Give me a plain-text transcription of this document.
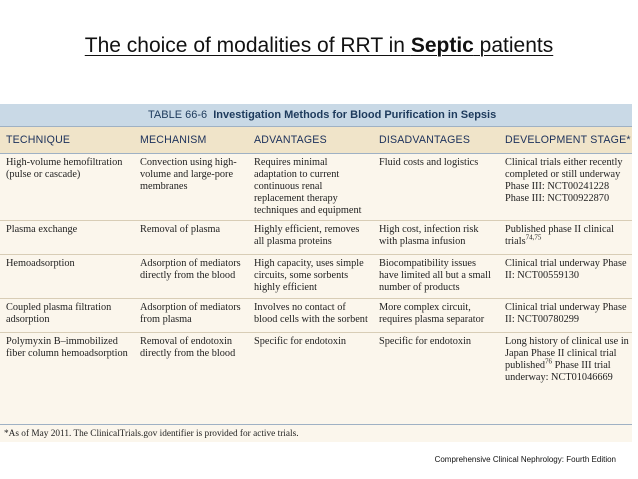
The choice of modalities of RRT in Septic patients
TABLE 66-6 Investigation Methods for Blood Purification in Sepsis
TECHNIQUE	MECHANISM	ADVANTAGES	DISADVANTAGES	DEVELOPMENT STAGE*
High-volume hemofiltration (pulse or cascade)	Convection using high-volume and large-pore membranes	Requires minimal adaptation to current continuous renal replacement therapy techniques and equipment	Fluid costs and logistics	Clinical trials either recently completed or still underway Phase III: NCT00241228 Phase III: NCT00922870
Plasma exchange	Removal of plasma	Highly efficient, removes all plasma proteins	High cost, infection risk with plasma infusion	Published phase II clinical trials$^{74,75}$
Hemoadsorption	Adsorption of mediators directly from the blood	High capacity, uses simple circuits, some sorbents highly efficient	Biocompatibility issues have limited all but a small number of products	Clinical trial underway Phase II: NCT00559130
Coupled plasma filtration adsorption	Adsorption of mediators from plasma	Involves no contact of blood cells with the sorbent	More complex circuit, requires plasma separator	Clinical trial underway Phase II: NCT00780299
Polymyxin B–immobilized fiber column hemoadsorption	Removal of endotoxin directly from the blood	Specific for endotoxin	Specific for endotoxin	Long history of clinical use in Japan Phase II clinical trial published$^{76}$ Phase III trial underway: NCT01046669
*As of May 2011. The ClinicalTrials.gov identifier is provided for active trials.
Comprehensive Clinical Nephrology: Fourth Edition
